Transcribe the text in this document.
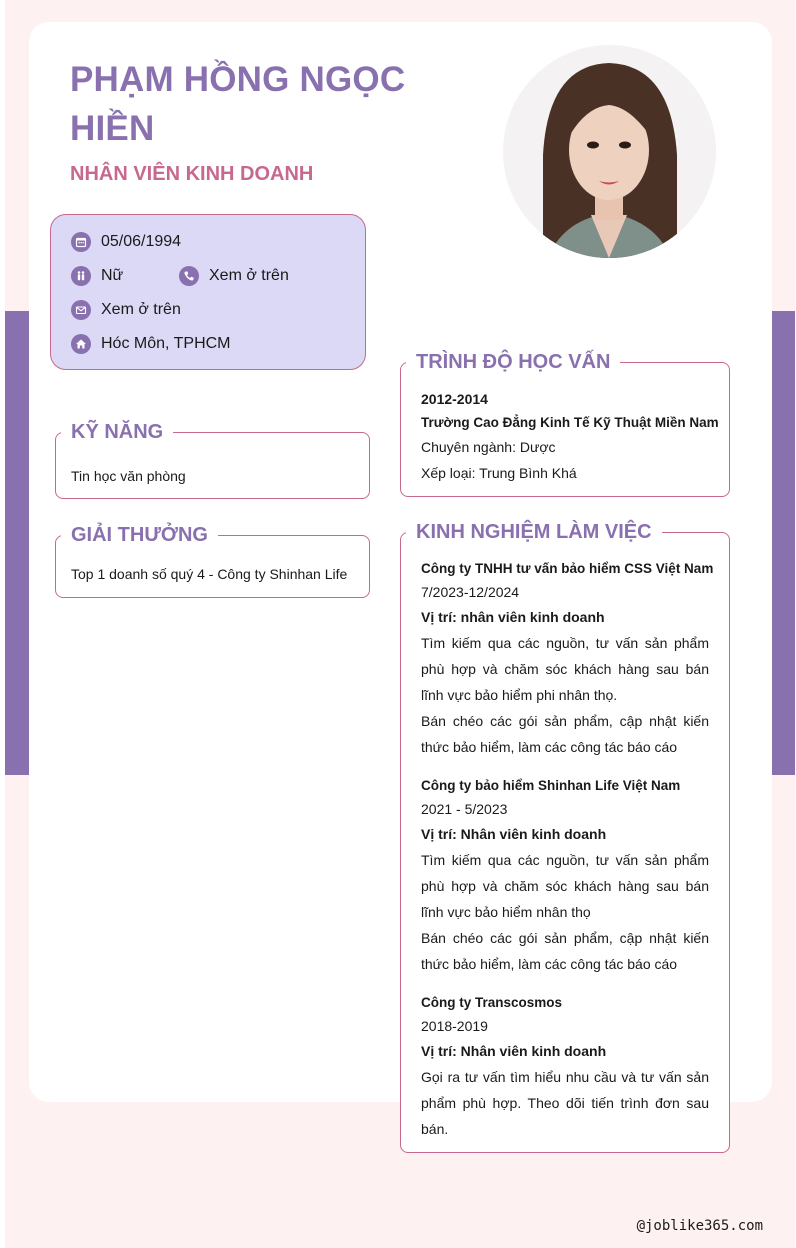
PHẠM HỒNG NGỌC HIỀN
NHÂN VIÊN KINH DOANH
05/06/1994
Nữ	Xem ở trên
Xem ở trên
Hóc Môn, TPHCM
KỸ NĂNG
Tin học văn phòng
GIẢI THƯỞNG
Top 1 doanh số quý 4 - Công ty Shinhan Life
TRÌNH ĐỘ HỌC VẤN
2012-2014
Trường Cao Đẳng Kinh Tế Kỹ Thuật Miền Nam
Chuyên ngành: Dược
Xếp loại: Trung Bình Khá
KINH NGHIỆM LÀM VIỆC
Công ty TNHH tư vấn bảo hiểm CSS Việt Nam
7/2023-12/2024
Vị trí: nhân viên kinh doanh
Tìm kiếm qua các nguồn, tư vấn sản phẩm phù hợp và chăm sóc khách hàng sau bán lĩnh vực bảo hiểm phi nhân thọ.
Bán chéo các gói sản phẩm, cập nhật kiến thức bảo hiểm, làm các công tác báo cáo
Công ty bảo hiểm Shinhan Life Việt Nam
2021 - 5/2023
Vị trí: Nhân viên kinh doanh
Tìm kiếm qua các nguồn, tư vấn sản phẩm phù hợp và chăm sóc khách hàng sau bán lĩnh vực bảo hiểm nhân thọ
Bán chéo các gói sản phẩm, cập nhật kiến thức bảo hiểm, làm các công tác báo cáo
Công ty Transcosmos
2018-2019
Vị trí: Nhân viên kinh doanh
Gọi ra tư vấn tìm hiểu nhu cầu và tư vấn sản phẩm phù hợp. Theo dõi tiến trình đơn sau bán.
@joblike365.com
